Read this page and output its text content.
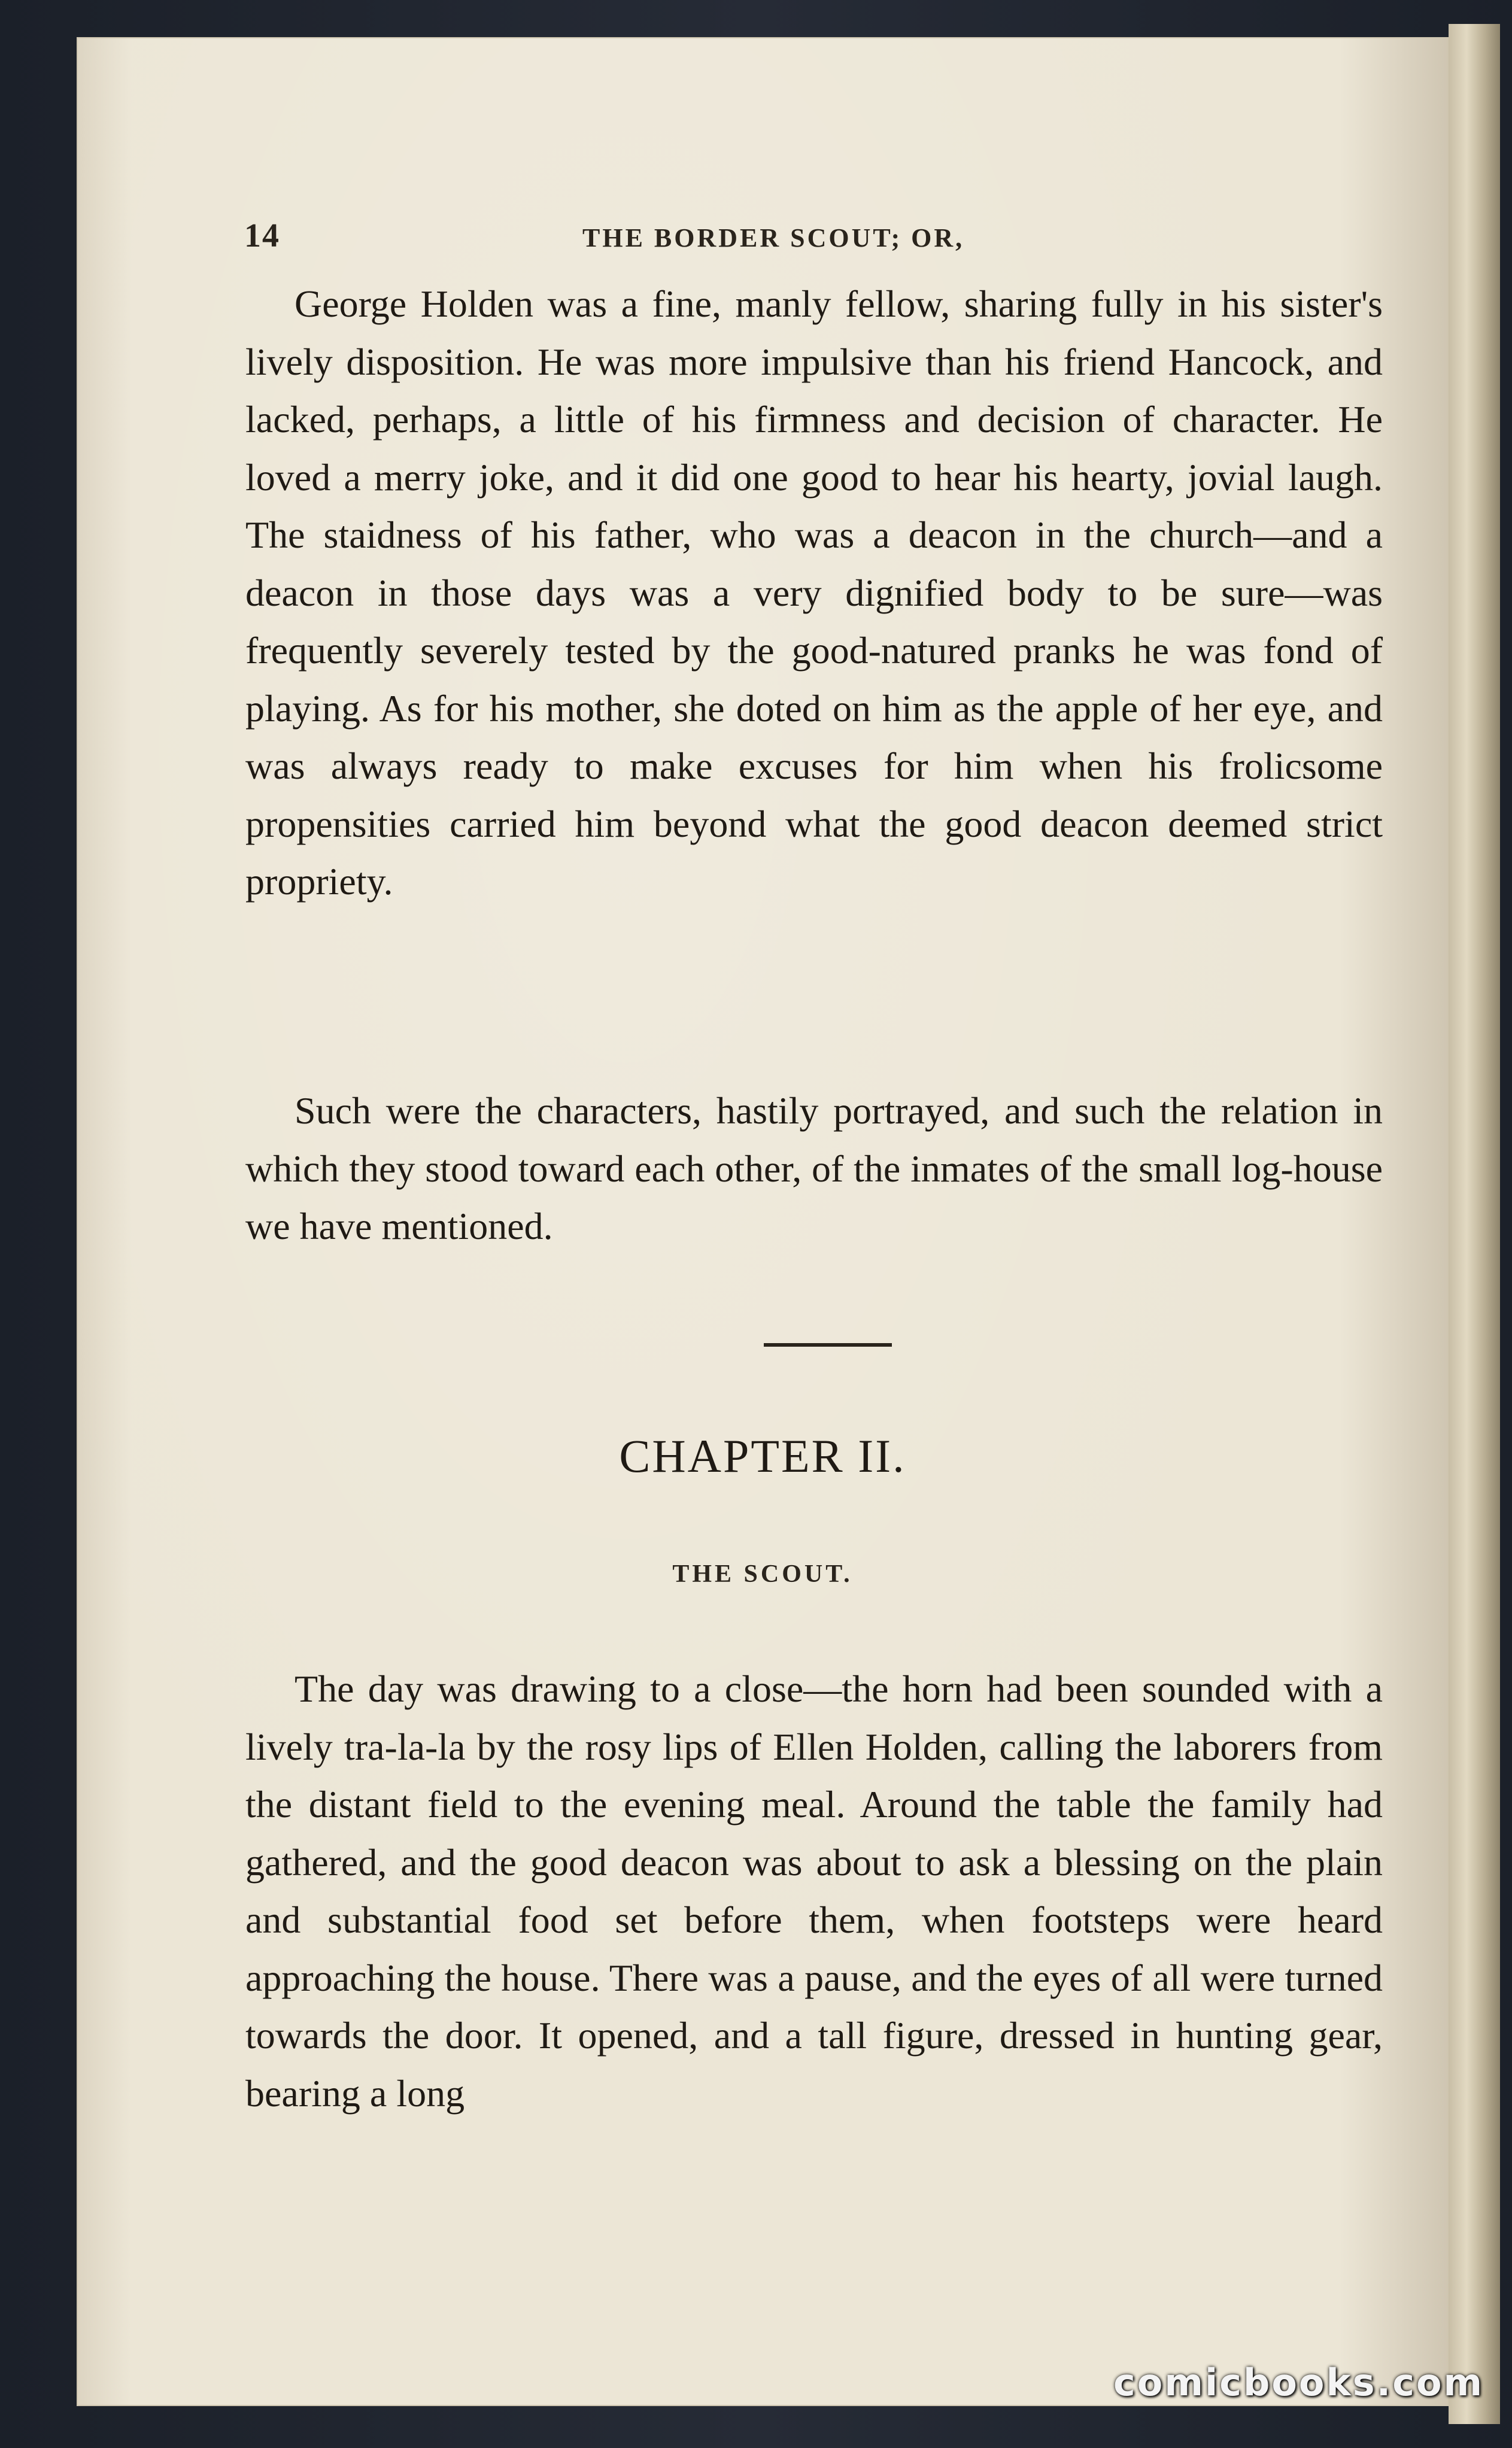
14	THE BORDER SCOUT; OR,

George Holden was a fine, manly fellow, sharing fully in his sister's lively disposition. He was more impulsive than his friend Hancock, and lacked, perhaps, a little of his firmness and decision of character. He loved a merry joke, and it did one good to hear his hearty, jovial laugh. The staidness of his father, who was a deacon in the church—and a deacon in those days was a very dignified body to be sure—was frequently severely tested by the good-natured pranks he was fond of playing. As for his mother, she doted on him as the apple of her eye, and was always ready to make excuses for him when his frolicsome propensities carried him beyond what the good deacon deemed strict propriety.

Such were the characters, hastily portrayed, and such the relation in which they stood toward each other, of the inmates of the small log-house we have mentioned.

CHAPTER II.
THE SCOUT.

The day was drawing to a close—the horn had been sounded with a lively tra-la-la by the rosy lips of Ellen Holden, calling the laborers from the distant field to the evening meal. Around the table the family had gathered, and the good deacon was about to ask a blessing on the plain and substantial food set before them, when footsteps were heard approaching the house. There was a pause, and the eyes of all were turned towards the door. It opened, and a tall figure, dressed in hunting gear, bearing a long

comicbooks.com
